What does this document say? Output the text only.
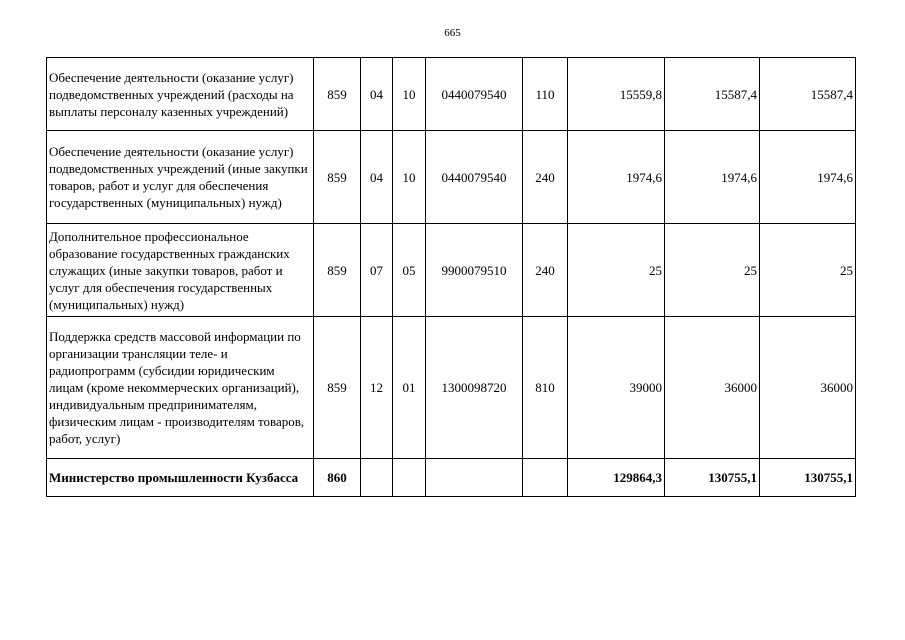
665
Обеспечение деятельности (оказание услуг) подведомственных учреждений (расходы на выплаты персоналу казенных учреждений)	859	04	10	0440079540	110	15559,8	15587,4	15587,4
Обеспечение деятельности (оказание услуг) подведомственных учреждений (иные закупки товаров, работ и услуг для обеспечения государственных (муниципальных) нужд)	859	04	10	0440079540	240	1974,6	1974,6	1974,6
Дополнительное профессиональное образование государственных гражданских служащих (иные закупки товаров, работ и услуг для обеспечения государственных (муниципальных) нужд)	859	07	05	9900079510	240	25	25	25
Поддержка средств массовой информации по организации трансляции теле- и радиопрограмм (субсидии юридическим лицам (кроме некоммерческих организаций), индивидуальным предпринимателям, физическим лицам - производителям товаров, работ, услуг)	859	12	01	1300098720	810	39000	36000	36000
Министерство промышленности Кузбасса	860					129864,3	130755,1	130755,1
